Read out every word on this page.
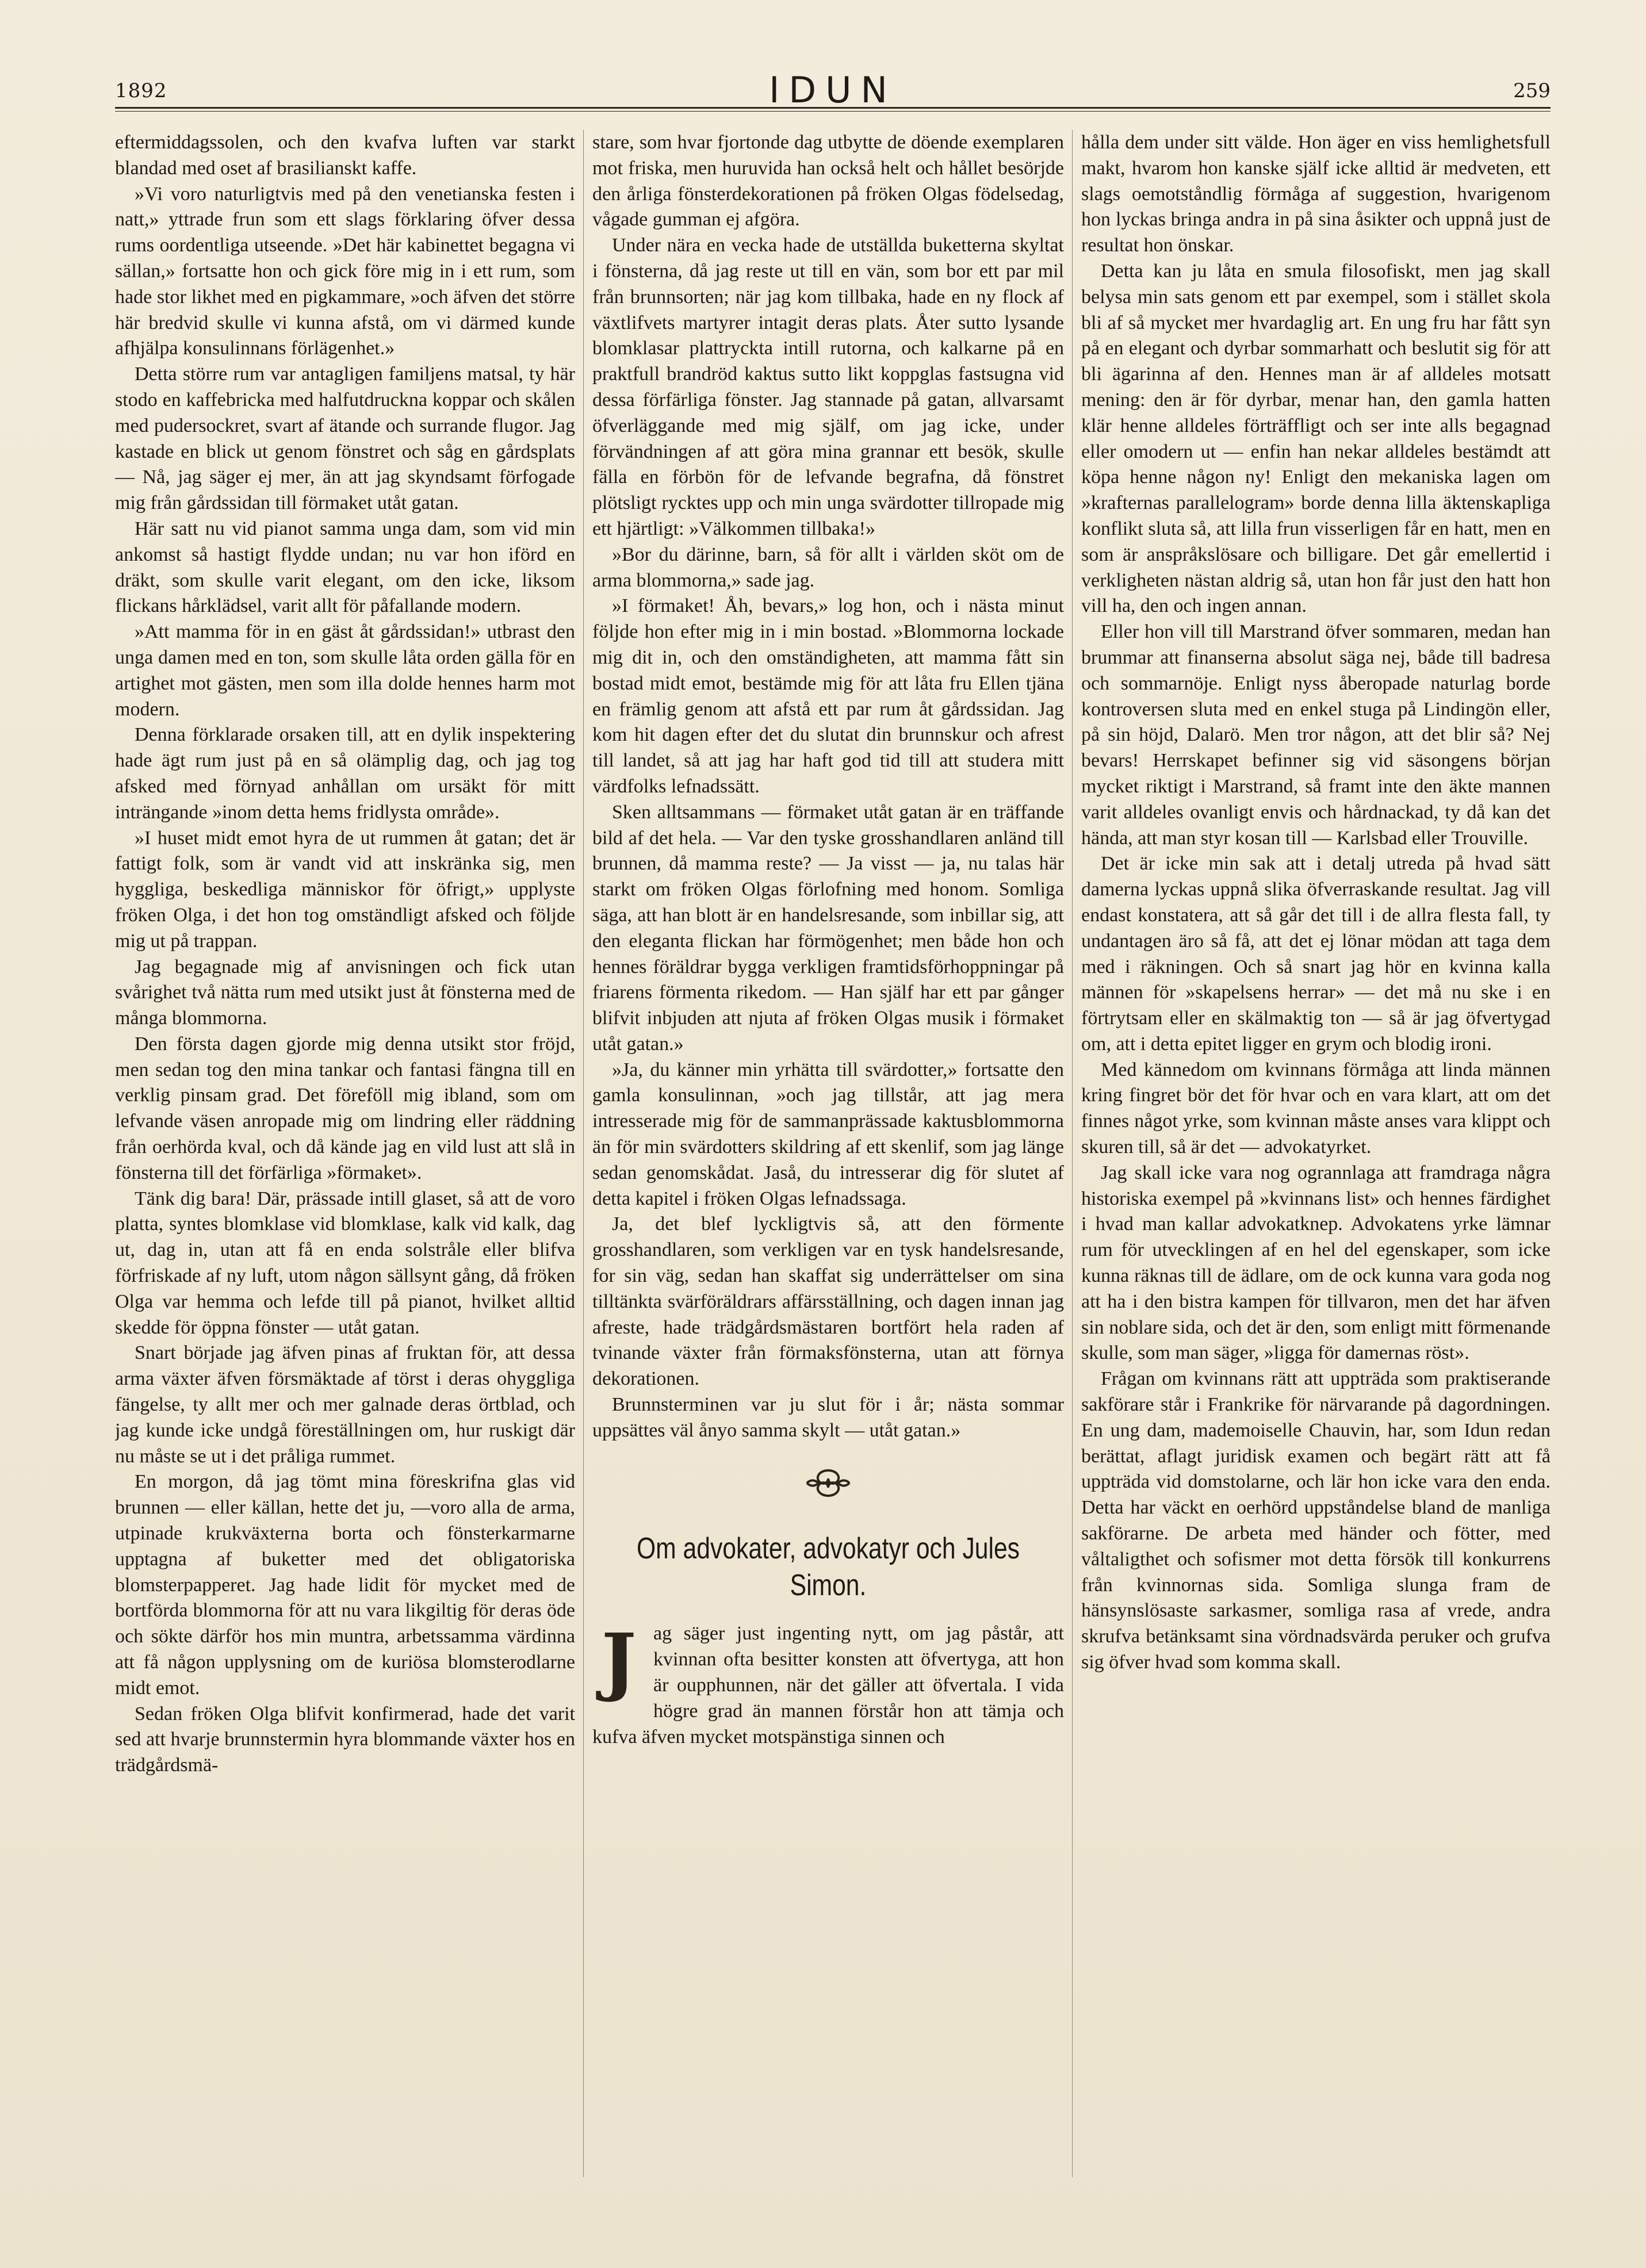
1892	IDUN	259

eftermiddagssolen, och den kvafva luften var starkt blandad med oset af brasilianskt kaffe.

»Vi voro naturligtvis med på den venetianska festen i natt,» yttrade frun som ett slags förklaring öfver dessa rums oordentliga utseende. »Det här kabinettet begagna vi sällan,» fortsatte hon och gick före mig in i ett rum, som hade stor likhet med en pigkammare, »och äfven det större här bredvid skulle vi kunna afstå, om vi därmed kunde afhjälpa konsulinnans förlägenhet.»

Detta större rum var antagligen familjens matsal, ty här stodo en kaffebricka med halfutdruckna koppar och skålen med pudersockret, svart af ätande och surrande flugor. Jag kastade en blick ut genom fönstret och såg en gårdsplats — Nå, jag säger ej mer, än att jag skyndsamt förfogade mig från gårdssidan till förmaket utåt gatan.

Här satt nu vid pianot samma unga dam, som vid min ankomst så hastigt flydde undan; nu var hon iförd en dräkt, som skulle varit elegant, om den icke, liksom flickans hårklädsel, varit allt för påfallande modern.

»Att mamma för in en gäst åt gårdssidan!» utbrast den unga damen med en ton, som skulle låta orden gälla för en artighet mot gästen, men som illa dolde hennes harm mot modern.

Denna förklarade orsaken till, att en dylik inspektering hade ägt rum just på en så olämplig dag, och jag tog afsked med förnyad anhållan om ursäkt för mitt inträngande »inom detta hems fridlysta område».

»I huset midt emot hyra de ut rummen åt gatan; det är fattigt folk, som är vandt vid att inskränka sig, men hyggliga, beskedliga människor för öfrigt,» upplyste fröken Olga, i det hon tog omständligt afsked och följde mig ut på trappan.

Jag begagnade mig af anvisningen och fick utan svårighet två nätta rum med utsikt just åt fönsterna med de många blommorna.

Den första dagen gjorde mig denna utsikt stor fröjd, men sedan tog den mina tankar och fantasi fängna till en verklig pinsam grad. Det föreföll mig ibland, som om lefvande väsen anropade mig om lindring eller räddning från oerhörda kval, och då kände jag en vild lust att slå in fönsterna till det förfärliga »förmaket».

Tänk dig bara! Där, prässade intill glaset, så att de voro platta, syntes blomklase vid blomklase, kalk vid kalk, dag ut, dag in, utan att få en enda solstråle eller blifva förfriskade af ny luft, utom någon sällsynt gång, då fröken Olga var hemma och lefde till på pianot, hvilket alltid skedde för öppna fönster — utåt gatan.

Snart började jag äfven pinas af fruktan för, att dessa arma växter äfven försmäktade af törst i deras ohyggliga fängelse, ty allt mer och mer galnade deras örtblad, och jag kunde icke undgå föreställningen om, hur ruskigt där nu måste se ut i det pråliga rummet.

En morgon, då jag tömt mina föreskrifna glas vid brunnen — eller källan, hette det ju, —voro alla de arma, utpinade krukväxterna borta och fönsterkarmarne upptagna af buketter med det obligatoriska blomsterpapperet. Jag hade lidit för mycket med de bortförda blommorna för att nu vara likgiltig för deras öde och sökte därför hos min muntra, arbetssamma värdinna att få någon upplysning om de kuriösa blomsterodlarne midt emot.

Sedan fröken Olga blifvit konfirmerad, hade det varit sed att hvarje brunnstermin hyra blommande växter hos en trädgårdsmä-

stare, som hvar fjortonde dag utbytte de döende exemplaren mot friska, men huruvida han också helt och hållet besörjde den årliga fönsterdekorationen på fröken Olgas födelsedag, vågade gumman ej afgöra.

Under nära en vecka hade de utställda buketterna skyltat i fönsterna, då jag reste ut till en vän, som bor ett par mil från brunnsorten; när jag kom tillbaka, hade en ny flock af växtlifvets martyrer intagit deras plats. Åter sutto lysande blomklasar plattryckta intill rutorna, och kalkarne på en praktfull brandröd kaktus sutto likt koppglas fastsugna vid dessa förfärliga fönster. Jag stannade på gatan, allvarsamt öfverläggande med mig själf, om jag icke, under förvändningen af att göra mina grannar ett besök, skulle fälla en förbön för de lefvande begrafna, då fönstret plötsligt rycktes upp och min unga svärdotter tillropade mig ett hjärtligt: »Välkommen tillbaka!»

»Bor du därinne, barn, så för allt i världen sköt om de arma blommorna,» sade jag.

»I förmaket! Åh, bevars,» log hon, och i nästa minut följde hon efter mig in i min bostad. »Blommorna lockade mig dit in, och den omständigheten, att mamma fått sin bostad midt emot, bestämde mig för att låta fru Ellen tjäna en främlig genom att afstå ett par rum åt gårdssidan. Jag kom hit dagen efter det du slutat din brunnskur och afrest till landet, så att jag har haft god tid till att studera mitt värdfolks lefnadssätt.

Sken alltsammans — förmaket utåt gatan är en träffande bild af det hela. — Var den tyske grosshandlaren anländ till brunnen, då mamma reste? — Ja visst — ja, nu talas här starkt om fröken Olgas förlofning med honom. Somliga säga, att han blott är en handelsresande, som inbillar sig, att den eleganta flickan har förmögenhet; men både hon och hennes föräldrar bygga verkligen framtidsförhoppningar på friarens förmenta rikedom. — Han själf har ett par gånger blifvit inbjuden att njuta af fröken Olgas musik i förmaket utåt gatan.»

»Ja, du känner min yrhätta till svärdotter,» fortsatte den gamla konsulinnan, »och jag tillstår, att jag mera intresserade mig för de sammanprässade kaktusblommorna än för min svärdotters skildring af ett skenlif, som jag länge sedan genomskådat. Jaså, du intresserar dig för slutet af detta kapitel i fröken Olgas lefnadssaga.

Ja, det blef lyckligtvis så, att den förmente grosshandlaren, som verkligen var en tysk handelsresande, for sin väg, sedan han skaffat sig underrättelser om sina tilltänkta svärföräldrars affärsställning, och dagen innan jag afreste, hade trädgårdsmästaren bortfört hela raden af tvinande växter från förmaksfönsterna, utan att förnya dekorationen.

Brunnsterminen var ju slut för i år; nästa sommar uppsättes väl ånyo samma skylt — utåt gatan.»

Om advokater, advokatyr och Jules Simon.
J ag säger just ingenting nytt, om jag påstår, att kvinnan ofta besitter konsten att öfvertyga, att hon är oupphunnen, när det gäller att öfvertala. I vida högre grad än mannen förstår hon att tämja och kufva äfven mycket motspänstiga sinnen och

hålla dem under sitt välde. Hon äger en viss hemlighetsfull makt, hvarom hon kanske själf icke alltid är medveten, ett slags oemotståndlig förmåga af suggestion, hvarigenom hon lyckas bringa andra in på sina åsikter och uppnå just de resultat hon önskar.

Detta kan ju låta en smula filosofiskt, men jag skall belysa min sats genom ett par exempel, som i stället skola bli af så mycket mer hvardaglig art. En ung fru har fått syn på en elegant och dyrbar sommarhatt och beslutit sig för att bli ägarinna af den. Hennes man är af alldeles motsatt mening: den är för dyrbar, menar han, den gamla hatten klär henne alldeles förträffligt och ser inte alls begagnad eller omodern ut — enfin han nekar alldeles bestämdt att köpa henne någon ny! Enligt den mekaniska lagen om »krafternas parallelogram» borde denna lilla äktenskapliga konflikt sluta så, att lilla frun visserligen får en hatt, men en som är anspråkslösare och billigare. Det går emellertid i verkligheten nästan aldrig så, utan hon får just den hatt hon vill ha, den och ingen annan.

Eller hon vill till Marstrand öfver sommaren, medan han brummar att finanserna absolut säga nej, både till badresa och sommarnöje. Enligt nyss åberopade naturlag borde kontroversen sluta med en enkel stuga på Lindingön eller, på sin höjd, Dalarö. Men tror någon, att det blir så? Nej bevars! Herrskapet befinner sig vid säsongens början mycket riktigt i Marstrand, så framt inte den äkte mannen varit alldeles ovanligt envis och hårdnackad, ty då kan det hända, att man styr kosan till — Karlsbad eller Trouville.

Det är icke min sak att i detalj utreda på hvad sätt damerna lyckas uppnå slika öfverraskande resultat. Jag vill endast konstatera, att så går det till i de allra flesta fall, ty undantagen äro så få, att det ej lönar mödan att taga dem med i räkningen. Och så snart jag hör en kvinna kalla männen för »skapelsens herrar» — det må nu ske i en förtrytsam eller en skälmaktig ton — så är jag öfvertygad om, att i detta epitet ligger en grym och blodig ironi.

Med kännedom om kvinnans förmåga att linda männen kring fingret bör det för hvar och en vara klart, att om det finnes något yrke, som kvinnan måste anses vara klippt och skuren till, så är det — advokatyrket.

Jag skall icke vara nog ogrannlaga att framdraga några historiska exempel på »kvinnans list» och hennes färdighet i hvad man kallar advokatknep. Advokatens yrke lämnar rum för utvecklingen af en hel del egenskaper, som icke kunna räknas till de ädlare, om de ock kunna vara goda nog att ha i den bistra kampen för tillvaron, men det har äfven sin noblare sida, och det är den, som enligt mitt förmenande skulle, som man säger, »ligga för damernas röst».

Frågan om kvinnans rätt att uppträda som praktiserande sakförare står i Frankrike för närvarande på dagordningen. En ung dam, mademoiselle Chauvin, har, som Idun redan berättat, aflagt juridisk examen och begärt rätt att få uppträda vid domstolarne, och lär hon icke vara den enda. Detta har väckt en oerhörd uppståndelse bland de manliga sakförarne. De arbeta med händer och fötter, med våltaligthet och sofismer mot detta försök till konkurrens från kvinnornas sida. Somliga slunga fram de hänsynslösaste sarkasmer, somliga rasa af vrede, andra skrufva betänksamt sina vördnadsvärda peruker och grufva sig öfver hvad som komma skall.
